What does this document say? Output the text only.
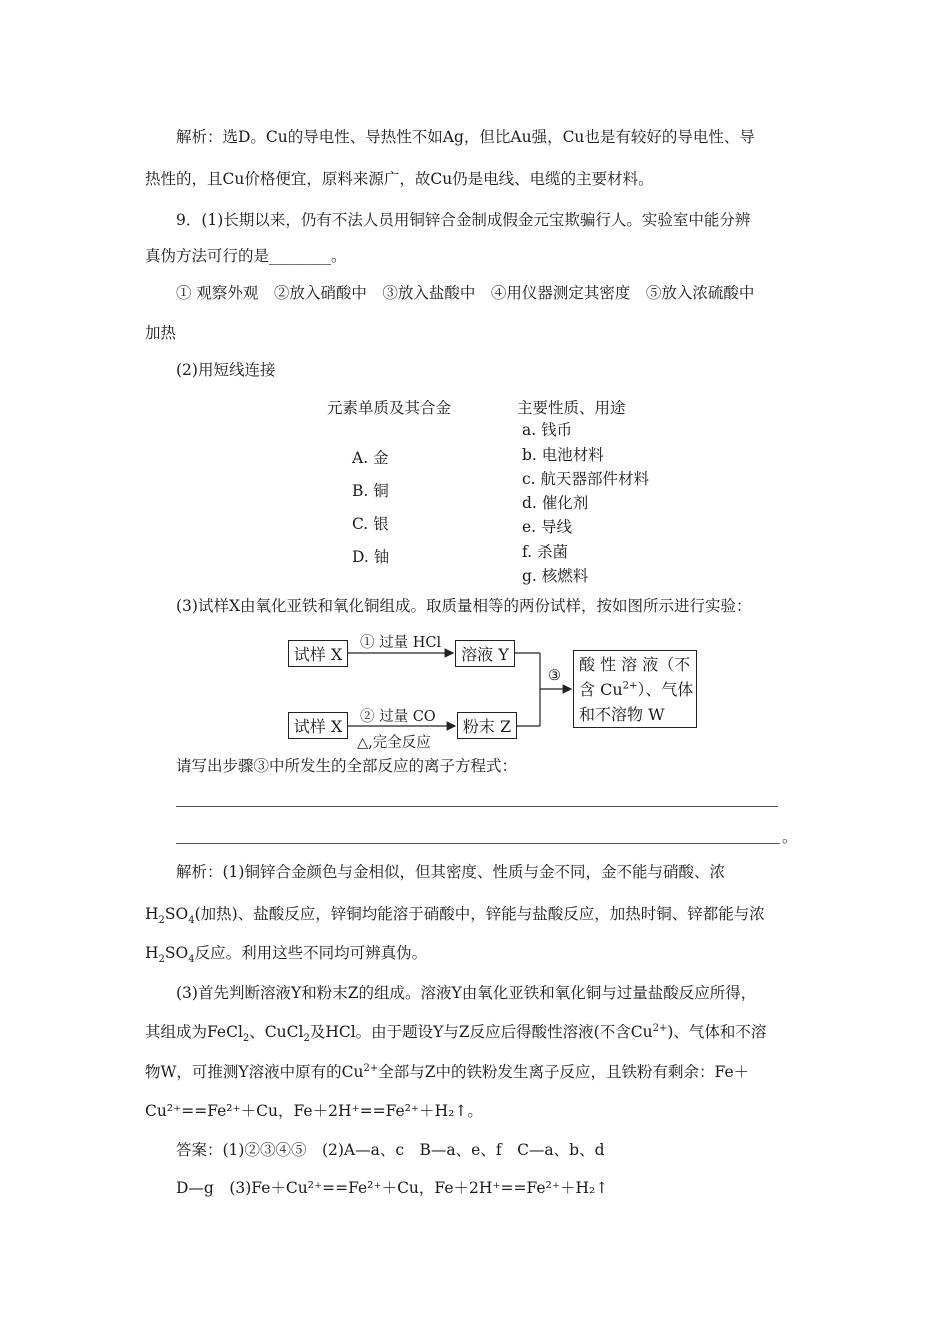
解析：选D。Cu的导电性、导热性不如Ag，但比Au强，Cu也是有较好的导电性、导
热性的，且Cu价格便宜，原料来源广，故Cu仍是电线、电缆的主要材料。
9．(1)长期以来，仍有不法人员用铜锌合金制成假金元宝欺骗行人。实验室中能分辨
真伪方法可行的是________。
① 观察外观　②放入硝酸中　③放入盐酸中　④用仪器测定其密度　⑤放入浓硫酸中
加热
(2)用短线连接
元素单质及其合金	主要性质、用途
A. 金
B. 铜
C. 银
D. 铀
a. 钱币
b. 电池材料
c. 航天器部件材料
d. 催化剂
e. 导线
f. 杀菌
g. 核燃料
(3)试样X由氧化亚铁和氧化铜组成。取质量相等的两份试样，按如图所示进行实验：
试样 X
试样 X
溶液 Y
粉末 Z
酸 性 溶 液（不
含 $Cu^{2+}$）、气体
和不溶物 W
① 过量 HCl
② 过量 CO
△,完全反应
③
请写出步骤③中所发生的全部反应的离子方程式：
。
解析：(1)铜锌合金颜色与金相似，但其密度、性质与金不同，金不能与硝酸、浓
$H_2SO_4$(加热)、盐酸反应，锌铜均能溶于硝酸中，锌能与盐酸反应，加热时铜、锌都能与浓
$H_2SO_4$反应。利用这些不同均可辨真伪。
(3)首先判断溶液Y和粉末Z的组成。溶液Y由氧化亚铁和氧化铜与过量盐酸反应所得，
其组成为FeCl$_2$、CuCl$_2$及HCl。由于题设Y与Z反应后得酸性溶液(不含$Cu^{2+}$)、气体和不溶
物W，可推测Y溶液中原有的$Cu^{2+}$全部与Z中的铁粉发生离子反应，且铁粉有剩余：Fe＋
Cu²⁺==Fe²⁺＋Cu，Fe＋2H⁺==Fe²⁺＋H₂↑。
答案：(1)②③④⑤　(2)A—a、c　B—a、e、f　C—a、b、d
D—g　(3)Fe＋Cu²⁺==Fe²⁺＋Cu，Fe＋2H⁺==Fe²⁺＋H₂↑
